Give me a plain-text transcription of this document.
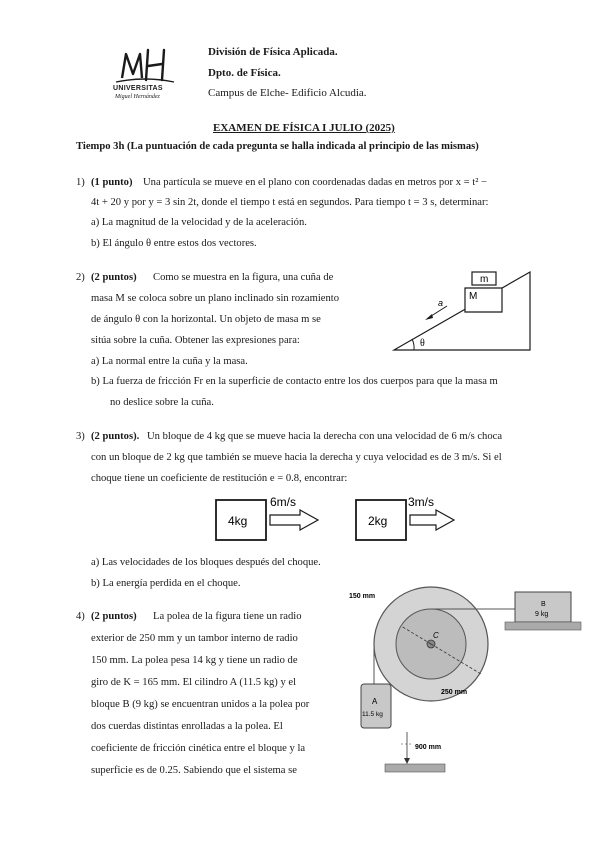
UNIVERSITAS
Miguel Hernández
División de Física Aplicada.
Dpto. de Física.
Campus de Elche- Edificio Alcudia.
EXAMEN DE FÍSICA I JULIO (2025)
Tiempo 3h (La puntuación de cada pregunta se halla indicada al principio de las mismas)
1) (1 punto) Una partícula se mueve en el plano con coordenadas dadas en metros por x = t² −
4t + 20 y por y = 3 sin 2t, donde el tiempo t está en segundos. Para tiempo t = 3 s, determinar:
a) La magnitud de la velocidad y de la aceleración.
b) El ángulo θ entre estos dos vectores.
2) (2 puntos) Como se muestra en la figura, una cuña de
masa M se coloca sobre un plano inclinado sin rozamiento
de ángulo θ con la horizontal. Un objeto de masa m se
sitúa sobre la cuña. Obtener las expresiones para:
m
M
a
θ
a) La normal entre la cuña y la masa.
b) La fuerza de fricción Fr en la superficie de contacto entre los dos cuerpos para que la masa m
no deslice sobre la cuña.
3) (2 puntos). Un bloque de 4 kg que se mueve hacia la derecha con una velocidad de 6 m/s choca
con un bloque de 2 kg que también se mueve hacia la derecha y cuya velocidad es de 3 m/s. Si el
choque tiene un coeficiente de restitución e = 0.8, encontrar:
4kg
6m/s
2kg
3m/s
a) Las velocidades de los bloques después del choque.
b) La energía perdida en el choque.
4) (2 puntos) La polea de la figura tiene un radio
exterior de 250 mm y un tambor interno de radio
150 mm. La polea pesa 14 kg y tiene un radio de
giro de K = 165 mm. El cilindro A (11.5 kg) y el
bloque B (9 kg) se encuentran unidos a la polea por
dos cuerdas distintas enrolladas a la polea. El
coeficiente de fricción cinética entre el bloque y la
superficie es de 0.25. Sabiendo que el sistema se
150 mm
250 mm
C
A
11.5 kg
B
9 kg
900 mm
